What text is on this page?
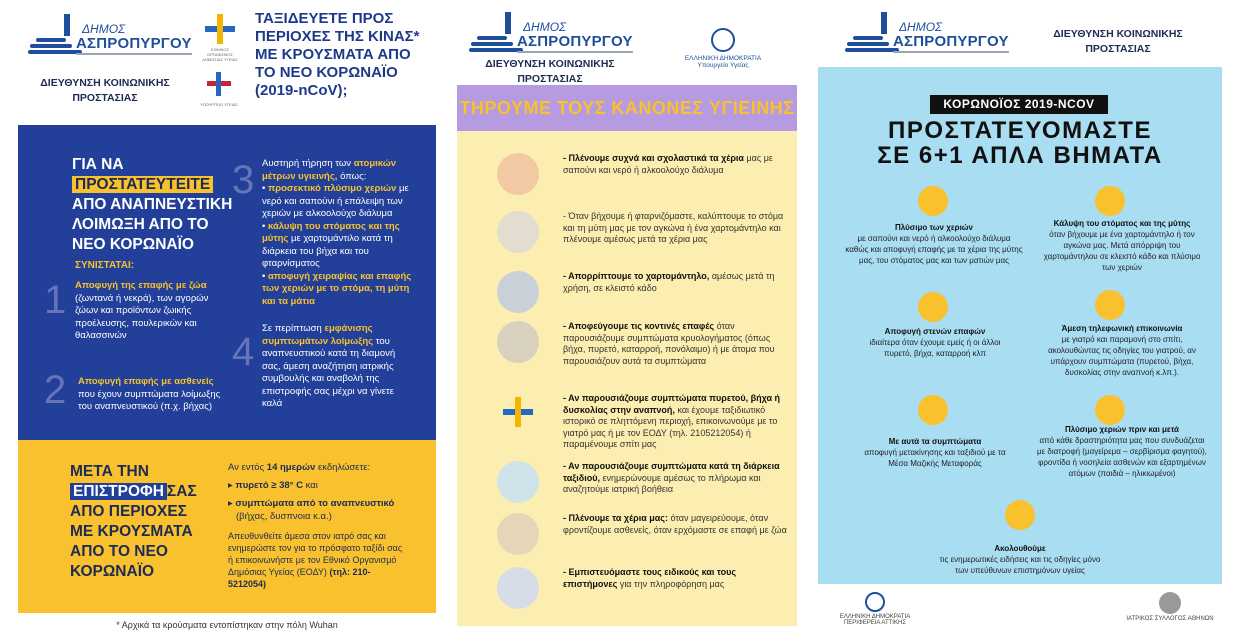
ΔΗΜΟΣ
ΑΣΠΡΟΠΥΡΓΟΥ
ΔΙΕΥΘΥΝΣΗ ΚΟΙΝΩΝΙΚΗΣ
ΠΡΟΣΤΑΣΙΑΣ
ΕΘΝΙΚΟΣ ΟΡΓΑΝΙΣΜΟΣ ΔΗΜΟΣΙΑΣ ΥΓΕΙΑΣ
ΥΠΟΥΡΓΕΙΟ ΥΓΕΙΑΣ
ΤΑΞΙΔΕΥΕΤΕ ΠΡΟΣ
ΠΕΡΙΟΧΕΣ ΤΗΣ ΚΙΝΑΣ*
ΜΕ ΚΡΟΥΣΜΑΤΑ ΑΠΟ
ΤΟ ΝΕΟ ΚΟΡΩΝΑΪΟ
(2019-nCoV);
ΓΙΑ ΝΑ
ΠΡΟΣΤΑΤΕΥΤΕΙΤΕ
ΑΠΟ ΑΝΑΠΝΕΥΣΤΙΚΗ
ΛΟΙΜΩΞΗ ΑΠΟ ΤΟ
ΝΕΟ ΚΟΡΩΝΑΪΟ
ΣΥΝΙΣΤΑΤΑΙ:
1 Αποφυγή της επαφής με ζώα (ζωντανά ή νεκρά), των αγορών ζώων και προϊόντων ζωικής προέλευσης, πουλερικών και θαλασσινών
2 Αποφυγή επαφής με ασθενείς που έχουν συμπτώματα λοίμωξης του αναπνευστικού (π.χ. βήχας)
3 Αυστηρή τήρηση των ατομικών μέτρων υγιεινής, όπως:
• προσεκτικό πλύσιμο χεριών με νερό και σαπούνι ή επάλειψη των χεριών με αλκοολούχο διάλυμα
• κάλυψη του στόματος και της μύτης με χαρτομάντιλο κατά τη διάρκεια του βήχα και του φταρνίσματος
• αποφυγή χειραψίας και επαφής των χεριών με το στόμα, τη μύτη και τα μάτια
4
Σε περίπτωση εμφάνισης συμπτωμάτων λοίμωξης του αναπνευστικού κατά τη διαμονή σας, άμεση αναζήτηση ιατρικής συμβουλής και αναβολή της επιστροφής σας μέχρι να γίνετε καλά
ΜΕΤΑ ΤΗΝ
ΕΠΙΣΤΡΟΦΗ ΣΑΣ
ΑΠΟ ΠΕΡΙΟΧΕΣ
ΜΕ ΚΡΟΥΣΜΑΤΑ
ΑΠΟ ΤΟ ΝΕΟ
ΚΟΡΩΝΑΪΟ
Αν εντός 14 ημερών εκδηλώσετε:
▸ πυρετό ≥ 38° C και
▸ συμπτώματα από το αναπνευστικό
(βήχας, δυσπνοια κ.α.)
Απευθυνθείτε άμεσα στον ιατρό σας και ενημερώστε τον για το πρόσφατο ταξίδι σας ή επικοινωνήστε με τον Εθνικό Οργανισμό Δημόσιας Υγείας (ΕΟΔΥ) (τηλ: 210-5212054)
* Αρχικά τα κρούσματα εντοπίστηκαν στην πόλη Wuhan
ΔΗΜΟΣ
ΑΣΠΡΟΠΥΡΓΟΥ
ΔΙΕΥΘΥΝΣΗ ΚΟΙΝΩΝΙΚΗΣ
ΠΡΟΣΤΑΣΙΑΣ
ΕΛΛΗΝΙΚΗ ΔΗΜΟΚΡΑΤΙΑ
Υπουργείο Υγείας
ΤΗΡΟΥΜΕ ΤΟΥΣ ΚΑΝΟΝΕΣ ΥΓΙΕΙΝΗΣ
- Πλένουμε συχνά και σχολαστικά τα χέρια μας με σαπούνι και νερό ή αλκοολούχο διάλυμα
- Όταν βήχουμε ή φταρνιζόμαστε, καλύπτουμε το στόμα και τη μύτη μας με τον αγκώνα ή ένα χαρτομάντηλο και πλένουμε αμέσως μετά τα χέρια μας
- Απορρίπτουμε το χαρτομάντηλο, αμέσως μετά τη χρήση, σε κλειστό κάδο
- Αποφεύγουμε τις κοντινές επαφές όταν παρουσιάζουμε συμπτώματα κρυολογήματος (όπως βήχα, πυρετό, καταρροή, πονόλαιμο) ή με άτομα που παρουσιάζουν αυτά τα συμπτώματα
- Αν παρουσιάζουμε συμπτώματα πυρετού, βήχα ή δυσκολίας στην αναπνοή, και έχουμε ταξιδιωτικό ιστορικό σε πληττόμενη περιοχή, επικοινωνούμε με το γιατρό μας ή με τον ΕΟΔΥ (τηλ. 2105212054) ή παραμένουμε σπίτι μας
- Αν παρουσιάζουμε συμπτώματα κατά τη διάρκεια ταξιδιού, ενημερώνουμε αμέσως το πλήρωμα και αναζητούμε ιατρική βοήθεια
- Πλένουμε τα χέρια μας: όταν μαγειρεύουμε, όταν φροντίζουμε ασθενείς, όταν ερχόμαστε σε επαφή με ζώα
- Εμπιστευόμαστε τους ειδικούς και τους επιστήμονες για την πληροφόρηση μας
ΔΗΜΟΣ
ΑΣΠΡΟΠΥΡΓΟΥ	ΔΙΕΥΘΥΝΣΗ ΚΟΙΝΩΝΙΚΗΣ
ΠΡΟΣΤΑΣΙΑΣ
ΚΟΡΩΝΟΪΟΣ 2019-NCOV
ΠΡΟΣΤΑΤΕΥΟΜΑΣΤΕ
ΣΕ 6+1 ΑΠΛΑ ΒΗΜΑΤΑ
Πλύσιμο των χεριών
με σαπούνι και νερό ή αλκοολούχο διάλυμα καθώς και αποφυγή επαφής με τα χέρια της μύτης μας, του στόματος μας και των ματιών μας
Κάλυψη του στόματος και της μύτης
όταν βήχουμε με ένα χαρτομάντηλο ή τον αγκώνα μας. Μετά απόρριψη του χαρτομάντηλου σε κλειστό κάδο και πλύσιμο των χεριών
Αποφυγή στενών επαφών
ιδιαίτερα όταν έχουμε εμείς ή οι άλλοι πυρετό, βήχα, καταρροή κλπ
Άμεση τηλεφωνική επικοινωνία
με γιατρό και παραμονή στο σπίτι, ακολουθώντας τις οδηγίες του γιατρού, αν υπάρχουν συμπτώματα (πυρετού, βήχα, δυσκολίας στην αναπνοή κ.λπ.).
Με αυτά τα συμπτώματα
αποφυγή μετακίνησης και ταξιδιού με τα Μέσα Μαζικής Μεταφοράς
Πλύσιμο χεριών πριν και μετά
από κάθε δραστηριότητα μας που συνδυάζεται με διατροφή (μαγείρεμα – σερβίρισμα φαγητού), φροντίδα ή νοσηλεία ασθενών και εξαρτημένων ατόμων (παιδιά – ηλικιωμένοι)
Ακολουθούμε
τις ενημερωτικές ειδήσεις και τις οδηγίες μόνο των υπεύθυνων επιστημόνων υγείας
ΕΛΛΗΝΙΚΗ ΔΗΜΟΚΡΑΤΙΑ ΠΕΡΙΦΕΡΕΙΑ ΑΤΤΙΚΗΣ
ΙΑΤΡΙΚΟΣ ΣΥΛΛΟΓΟΣ ΑΘΗΝΩΝ
